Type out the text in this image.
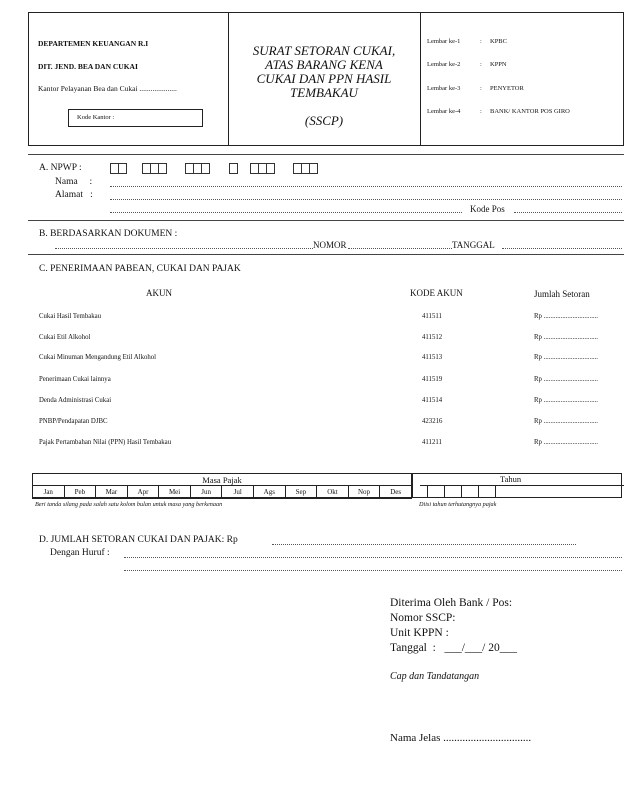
DEPARTEMEN KEUANGAN R.I
DIT. JEND. BEA DAN CUKAI
Kantor Pelayanan Bea dan Cukai ....................
Kode Kantor :
SURAT SETORAN CUKAI,
ATAS BARANG KENA
CUKAI DAN PPN HASIL
TEMBAKAU
(SSCP)
Lembar ke-1	: KPBC
Lembar ke-2	: KPPN
Lembar ke-3	: PENYETOR
Lembar ke-4	: BANK/ KANTOR POS GIRO
A. NPWP :
Nama     :
Alamat   :
Kode Pos
B. BERDASARKAN DOKUMEN :
NOMOR	TANGGAL
C. PENERIMAAN PABEAN, CUKAI DAN PAJAK
AKUN	KODE AKUN	Jumlah Setoran
Cukai Hasil Tembakau	411511	Rp ................................
Cukai Etil Alkohol	411512	Rp ................................
Cukai Minuman Mengandung Etil Alkohol	411513	Rp ................................
Penerimaan Cukai lainnya	411519	Rp ................................
Denda Administrasi Cukai	411514	Rp ................................
PNBP/Pendapatan DJBC	423216	Rp ................................
Pajak Pertambahan Nilai (PPN) Hasil Tembakau	411211	Rp ................................
Masa Pajak
Jan	Peb	Mar	Apr	Mei	Jun	Jul	Ags	Sep	Okt	Nop	Des
Tahun
Beri tanda silang pada salah satu kolom bulan untuk masa yang berkenaan	Diisi tahun terhutangnya pajak
D. JUMLAH SETORAN CUKAI DAN PAJAK: Rp
Dengan Huruf :
Diterima Oleh Bank / Pos:
Nomor SSCP:
Unit KPPN :
Tanggal  :   ___/___/ 20___
Cap dan Tandatangan
Nama Jelas ................................
